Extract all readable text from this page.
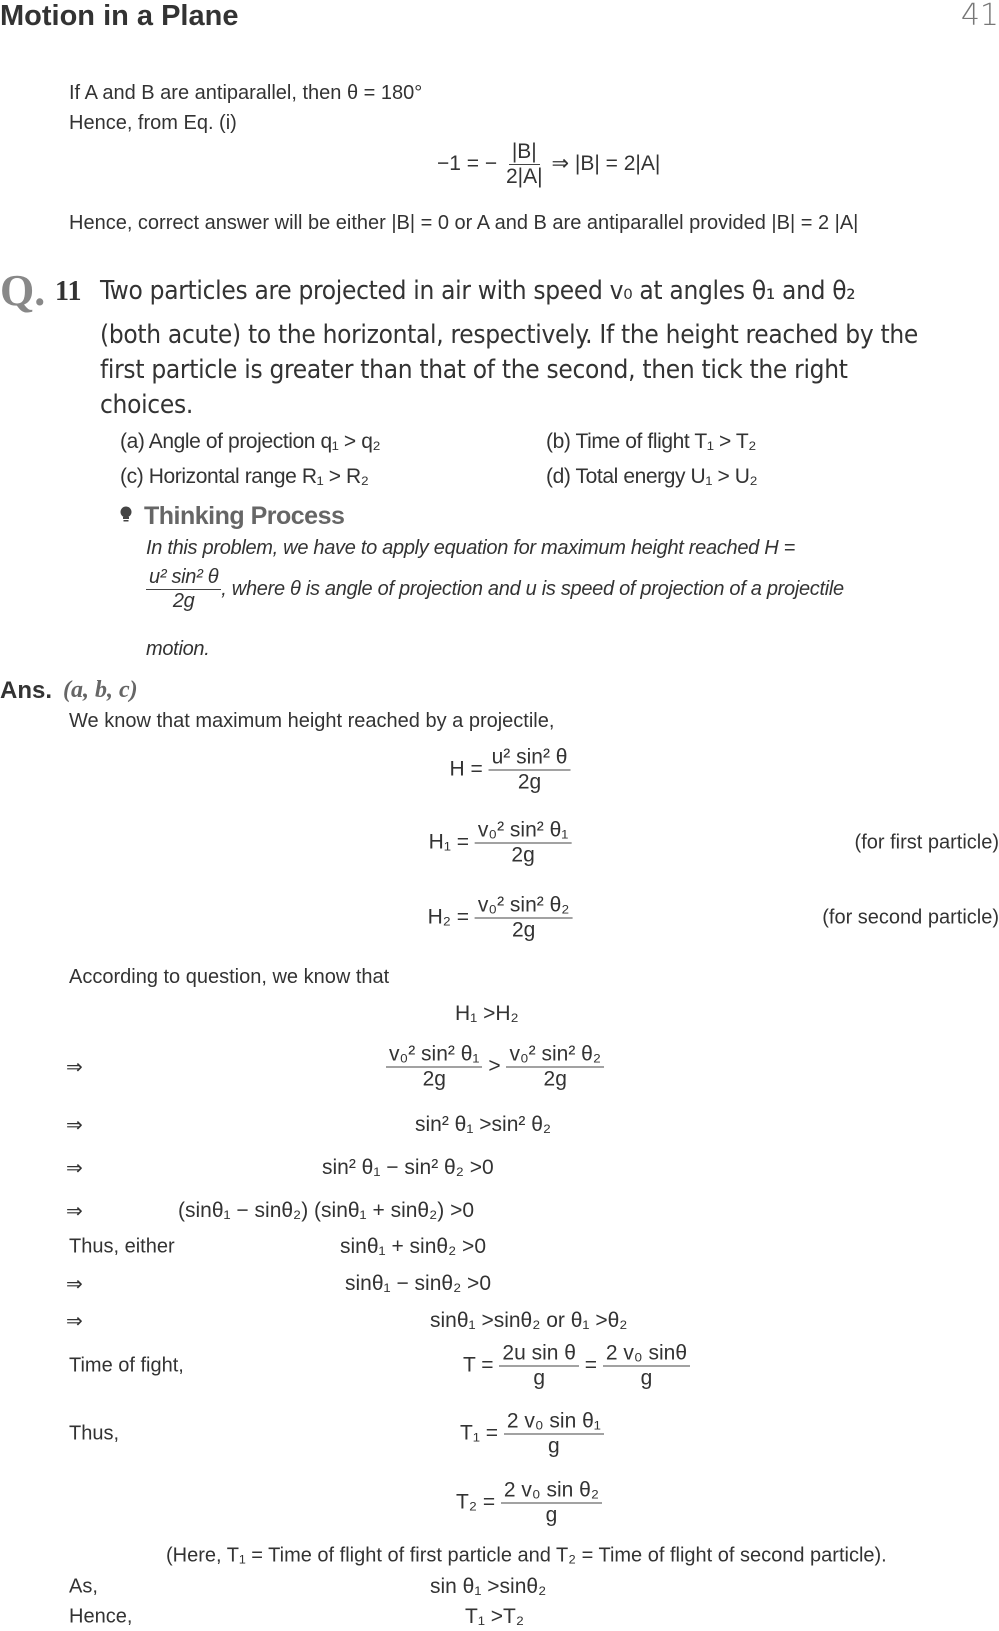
Motion in a Plane	41
If A and B are antiparallel, then θ = 180°
Hence, from Eq. (i)
−1 = − $\frac{|B|}{2|A|}$ ⇒ |B| = 2|A|
Hence, correct answer will be either |B| = 0 or A and B are antiparallel provided |B| = 2 |A|
Q. 11 Two particles are projected in air with speed v₀ at angles θ₁ and θ₂
(both acute) to the horizontal, respectively. If the height reached by the
first particle is greater than that of the second, then tick the right
choices.
(a) Angle of projection q₁ > q₂	(b) Time of flight T₁ > T₂
(c) Horizontal range R₁ > R₂	(d) Total energy U₁ > U₂
Thinking Process
In this problem, we have to apply equation for maximum height reached H =
$\frac{\text{u² sin² θ}}{2g}$ , where θ is angle of projection and u is speed of projection of a projectile
motion.
Ans. (a, b, c)
We know that maximum height reached by a projectile,
$H = \frac{\text{u² sin² θ}}{2g}$
$H_1 = \frac{\text{v₀² sin² θ₁}}{2g}$	(for first particle)
$H_2 = \frac{\text{v₀² sin² θ₂}}{2g}$	(for second particle)
According to question, we know that
H₁ >H₂
⇒	$\frac{\text{v₀² sin² θ₁}}{2g} > \frac{\text{v₀² sin² θ₂}}{2g}$
⇒	sin² θ₁ >sin² θ₂
⇒	sin² θ₁ − sin² θ₂ >0
⇒	(sinθ₁ − sinθ₂) (sinθ₁ + sinθ₂) >0
Thus, either	sinθ₁ + sinθ₂ >0
⇒	sinθ₁ − sinθ₂ >0
⇒	sinθ₁ >sinθ₂ or θ₁ >θ₂
Time of fight,	$T = \frac{\text{2u sin θ}}{g} = \frac{\text{2 v₀ sinθ}}{g}$
Thus,	$T_1 = \frac{\text{2 v₀ sin θ₁}}{g}$
$T_2 = \frac{\text{2 v₀ sin θ₂}}{g}$
(Here, T₁ = Time of flight of first particle and T₂ = Time of flight of second particle).
As,	sin θ₁ >sinθ₂
Hence,	T₁ >T₂
